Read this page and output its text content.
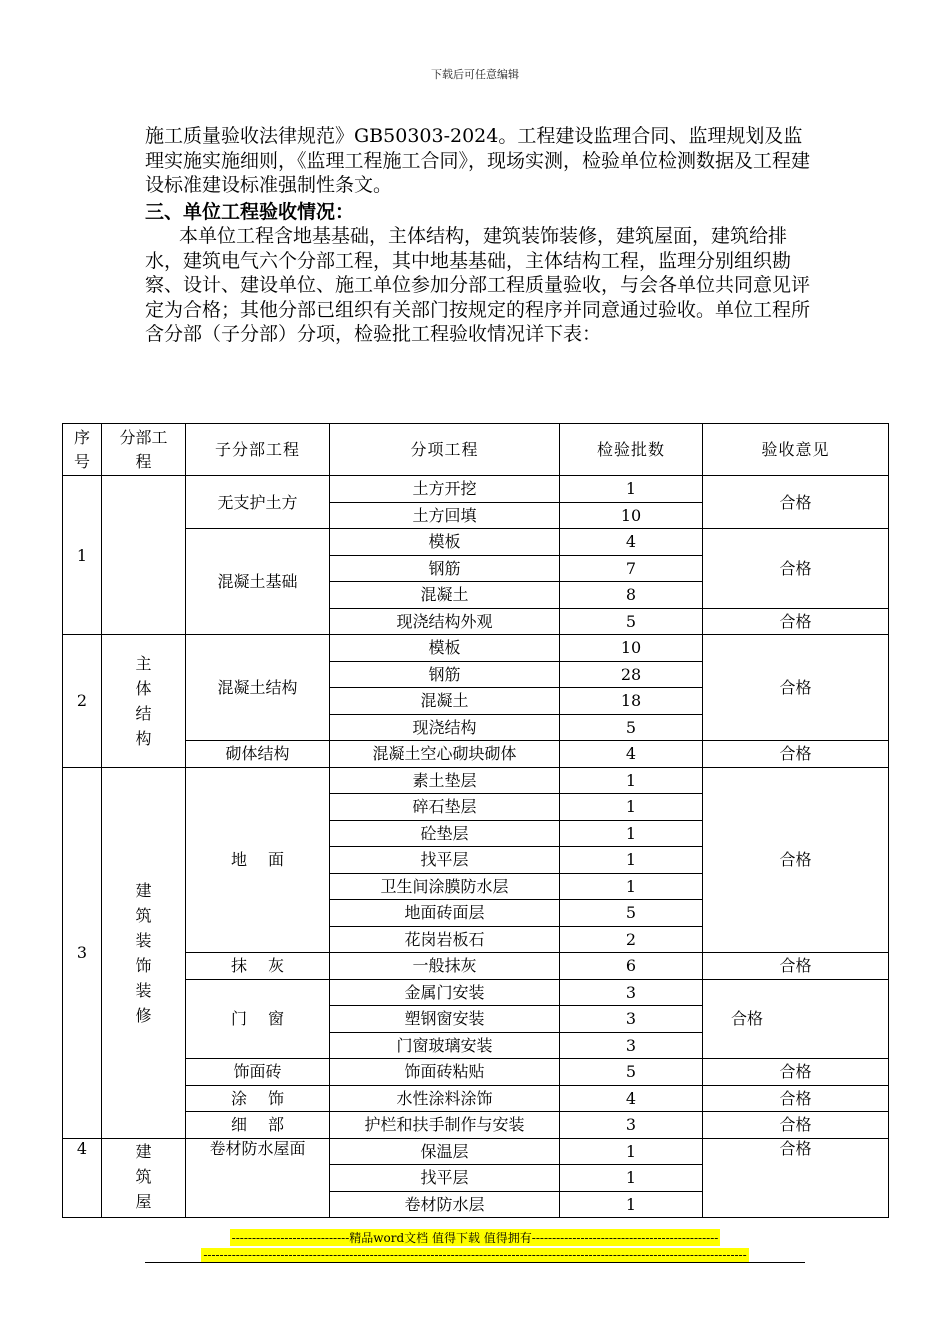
下载后可任意编辑

施工质量验收法律规范》GB50303-2024。工程建设监理合同、监理规划及监理实施实施细则，《监理工程施工合同》，现场实测，检验单位检测数据及工程建设标准建设标准强制性条文。

三、单位工程验收情况：

本单位工程含地基基础，主体结构，建筑装饰装修，建筑屋面，建筑给排水，建筑电气六个分部工程，其中地基基础，主体结构工程，监理分别组织勘察、设计、建设单位、施工单位参加分部工程质量验收，与会各单位共同意见评定为合格；其他分部已组织有关部门按规定的程序并同意通过验收。单位工程所含分部（子分部）分项，检验批工程验收情况详下表：

序号	分部工程	子分部工程	分项工程	检验批数	验收意见
1		无支护土方	土方开挖	1	合格
			土方回填	10	
		混凝土基础	模板	4	合格
			钢筋	7	
			混凝土	8	
			现浇结构外观	5	合格
2	主体结构	混凝土结构	模板	10	合格
			钢筋	28	
			混凝土	18	
			现浇结构	5	
		砌体结构	混凝土空心砌块砌体	4	合格
3	建筑装饰装修	地　 面	素土垫层	1	合格
			碎石垫层	1	
			砼垫层	1	
			找平层	1	
			卫生间涂膜防水层	1	
			地面砖面层	5	
			花岗岩板石	2	
		抹　 灰	一般抹灰	6	合格
		门　 窗	金属门安装	3	合格
			塑钢窗安装	3	
			门窗玻璃安装	3	
		饰面砖	饰面砖粘贴	5	合格
		涂　 饰	水性涂料涂饰	4	合格
		细　 部	护栏和扶手制作与安装	3	合格
4	建筑屋	卷材防水屋面	保温层	1	合格
			找平层	1	
			卷材防水层	1	
-----------------------------精品word文档 值得下载 值得拥有----------------------------------------------
--------------------------------------------------------------------------------------------------------------------------------------
